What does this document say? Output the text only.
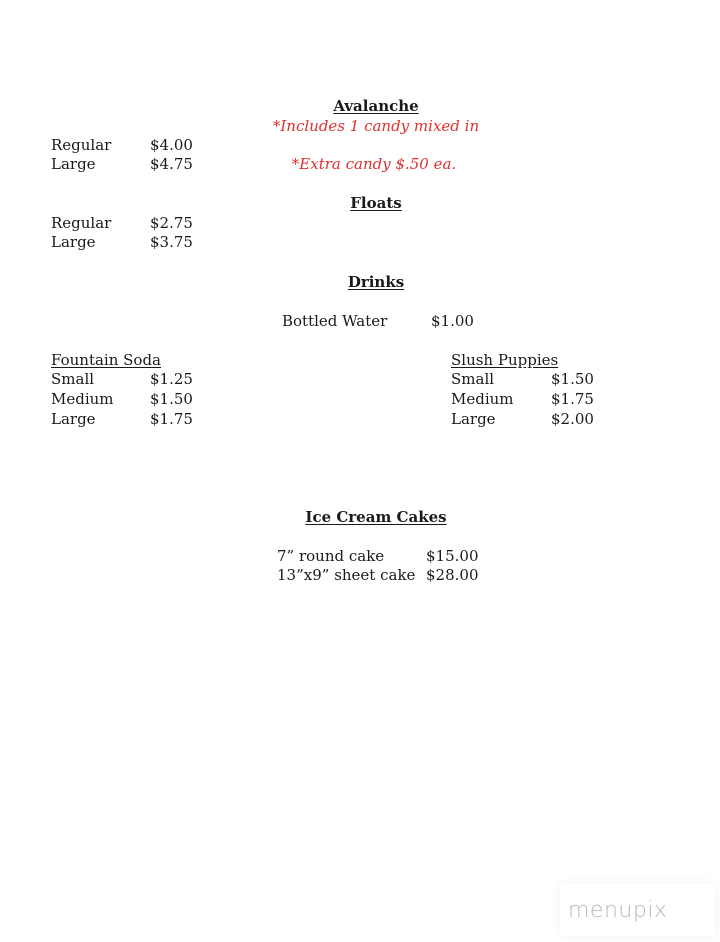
Avalanche
*Includes 1 candy mixed in
Regular	$4.00
Large	$4.75	*Extra candy $.50 ea.
Floats
Regular	$2.75
Large	$3.75
Drinks
Bottled Water	$1.00
Fountain Soda
Small	$1.25
Medium $1.50
Large	$1.75
Slush Puppies
Small	$1.50
Medium $1.75
Large	$2.00
Ice Cream Cakes
7” round cake	$15.00
13”x9” sheet cake $28.00
menupix
